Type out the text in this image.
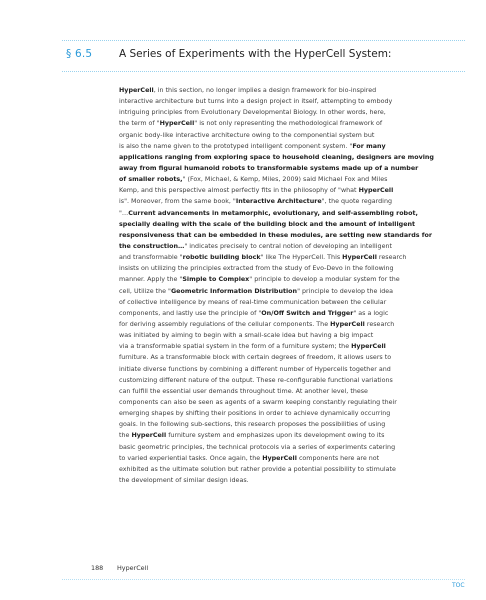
§ 6.5	A Series of Experiments with the HyperCell System:
HyperCell, in this section, no longer implies a design framework for bio-inspired
interactive architecture but turns into a design project in itself, attempting to embody
intriguing principles from Evolutionary Developmental Biology. In other words, here,
the term of "HyperCell" is not only representing the methodological framework of
organic body-like interactive architecture owing to the componential system but
is also the name given to the prototyped intelligent component system. "For many
applications ranging from exploring space to household cleaning, designers are moving
away from figural humanoid robots to transformable systems made up of a number
of smaller robots," (Fox, Michael, & Kemp, Miles, 2009) said Michael Fox and Miles
Kemp, and this perspective almost perfectly fits in the philosophy of "what HyperCell
is". Moreover, from the same book, "Interactive Architecture", the quote regarding
"…Current advancements in metamorphic, evolutionary, and self-assembling robot,
specially dealing with the scale of the building block and the amount of intelligent
responsiveness that can be embedded in these modules, are setting new standards for
the construction…" indicates precisely to central notion of developing an intelligent
and transformable "robotic building block" like The HyperCell. This HyperCell research
insists on utilizing the principles extracted from the study of Evo-Devo in the following
manner. Apply the "Simple to Complex" principle to develop a modular system for the
cell, Utilize the "Geometric Information Distribution" principle to develop the idea
of collective intelligence by means of real-time communication between the cellular
components, and lastly use the principle of "On/Off Switch and Trigger" as a logic
for deriving assembly regulations of the cellular components. The HyperCell research
was initiated by aiming to begin with a small-scale idea but having a big impact
via a transformable spatial system in the form of a furniture system; the HyperCell
furniture. As a transformable block with certain degrees of freedom, it allows users to
initiate diverse functions by combining a different number of Hypercells together and
customizing different nature of the output. These re-configurable functional variations
can fulfill the essential user demands throughout time. At another level, these
components can also be seen as agents of a swarm keeping constantly regulating their
emerging shapes by shifting their positions in order to achieve dynamically occurring
goals. In the following sub-sections, this research proposes the possibilities of using
the HyperCell furniture system and emphasizes upon its development owing to its
basic geometric principles, the technical protocols via a series of experiments catering
to varied experiential tasks. Once again, the HyperCell components here are not
exhibited as the ultimate solution but rather provide a potential possibility to stimulate
the development of similar design ideas.
188 HyperCell
TOC
